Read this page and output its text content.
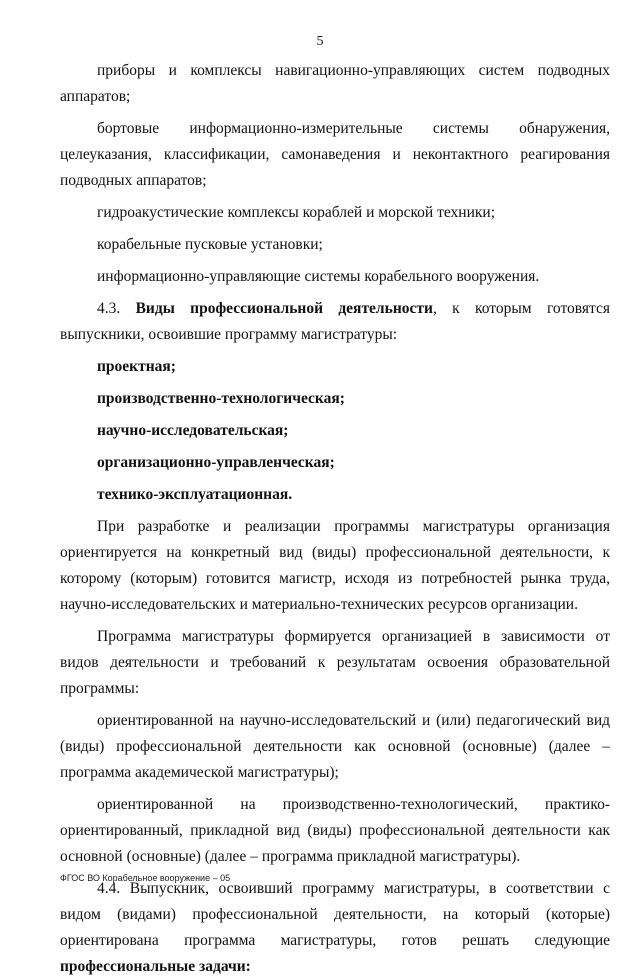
5

приборы и комплексы навигационно-управляющих систем подводных аппаратов;

бортовые информационно-измерительные системы обнаружения, целеуказания, классификации, самонаведения и неконтактного реагирования подводных аппаратов;

гидроакустические комплексы кораблей и морской техники;

корабельные пусковые установки;

информационно-управляющие системы корабельного вооружения.

4.3. Виды профессиональной деятельности, к которым готовятся выпускники, освоившие программу магистратуры:

проектная;

производственно-технологическая;

научно-исследовательская;

организационно-управленческая;

технико-эксплуатационная.

При разработке и реализации программы магистратуры организация ориентируется на конкретный вид (виды) профессиональной деятельности, к которому (которым) готовится магистр, исходя из потребностей рынка труда, научно-исследовательских и материально-технических ресурсов организации.

Программа магистратуры формируется организацией в зависимости от видов деятельности и требований к результатам освоения образовательной программы:

ориентированной на научно-исследовательский и (или) педагогический вид (виды) профессиональной деятельности как основной (основные) (далее – программа академической магистратуры);

ориентированной на производственно-технологический, практико-ориентированный, прикладной вид (виды) профессиональной деятельности как основной (основные) (далее – программа прикладной магистратуры).

4.4. Выпускник, освоивший программу магистратуры, в соответствии с видом (видами) профессиональной деятельности, на который (которые) ориентирована программа магистратуры, готов решать следующие профессиональные задачи:

ФГОС ВО Корабельное вооружение – 05
